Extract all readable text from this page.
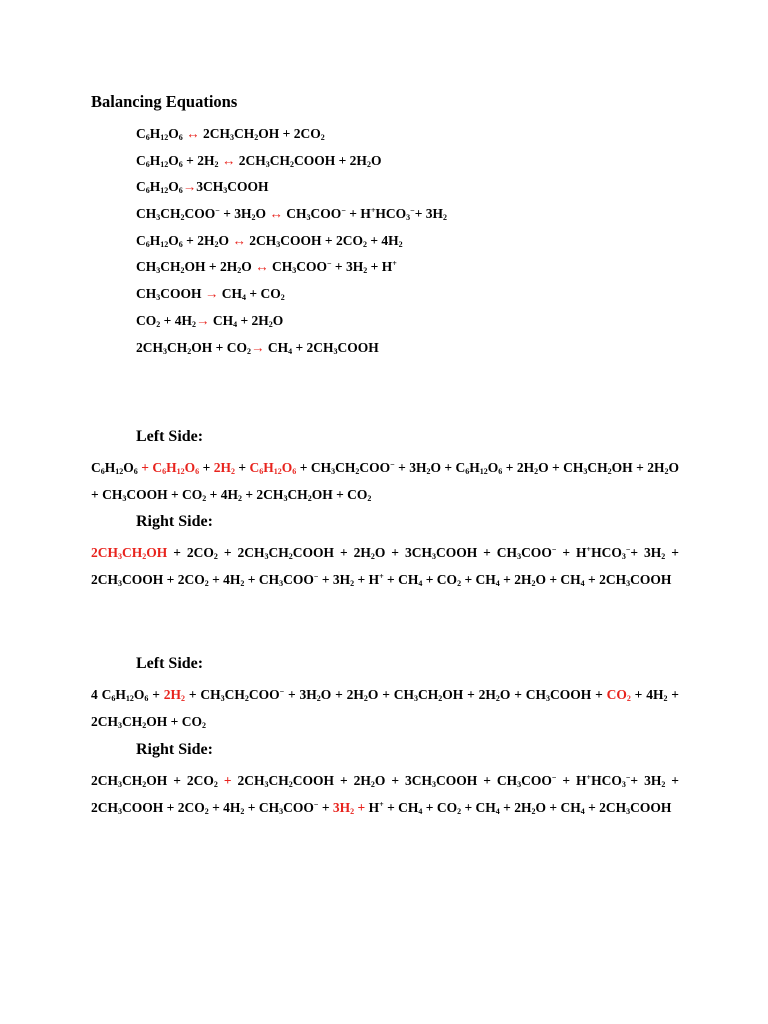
Balancing Equations
$C_6H_{12}O_6$ ↔ $2CH_3CH_2OH + 2CO_2$
$C_6H_{12}O_6 + 2H_2$ ↔ $2CH_3CH_2COOH + 2H_2O$
$C_6H_{12}O_6\to 3CH_3COOH$
$CH_3CH_2COO^- + 3H_2O$ ↔ $CH_3COO^- + H^+HCO_3^-+ 3H_2$
$C_6H_{12}O_6 + 2H_2O$ ↔ $2CH_3COOH + 2CO_2 + 4H_2$
$CH_3CH_2OH + 2H_2O$ ↔ $CH_3COO^- + 3H_2 + H^+$
$CH_3COOH \to CH_4 + CO_2$
$CO_2 + 4H_2\to CH_4 + 2H_2O$
$2CH_3CH_2OH + CO_2\to CH_4$ + $2CH_3COOH$
Left Side:
$C_6H_{12}O_6 + C_6H_{12}O_6 + 2H_2 + C_6H_{12}O_6 + CH_3CH_2COO^- + 3H_2O + C_6H_{12}O_6 + 2H_2O + CH_3CH_2OH + 2H_2O$ + $CH_3COOH + CO_2 + 4H_2 + 2CH_3CH_2OH + CO_2$
Right Side:
$2CH_3CH_2OH + 2CO_2$ + $2CH_3CH_2COOH + 2H_2O$ + $3CH_3COOH + CH_3COO^- + H^+HCO_3^-+ 3H_2$ + $2CH_3COOH + 2CO_2 + 4H_2 + CH_3COO^- + 3H_2 + H^+ + CH_4 + CO_2 + CH_4 + 2H_2O + CH_4$ + $2CH_3COOH$
Left Side:
4 $C_6H_{12}O_6 + 2H_2 + CH_3CH_2COO^- + 3H_2O + 2H_2O + CH_3CH_2OH + 2H_2O$ + $CH_3COOH + CO_2 + 4H_2 + 2CH_3CH_2OH + CO_2$
Right Side:
$2CH_3CH_2OH + 2CO_2$ + $2CH_3CH_2COOH + 2H_2O$ + $3CH_3COOH + CH_3COO^- + H^+HCO_3^-+ 3H_2$ + $2CH_3COOH + 2CO_2 + 4H_2 + CH_3COO^- + 3H_2 + H^+ + CH_4 + CO_2 + CH_4 + 2H_2O + CH_4$ + $2CH_3COOH$
